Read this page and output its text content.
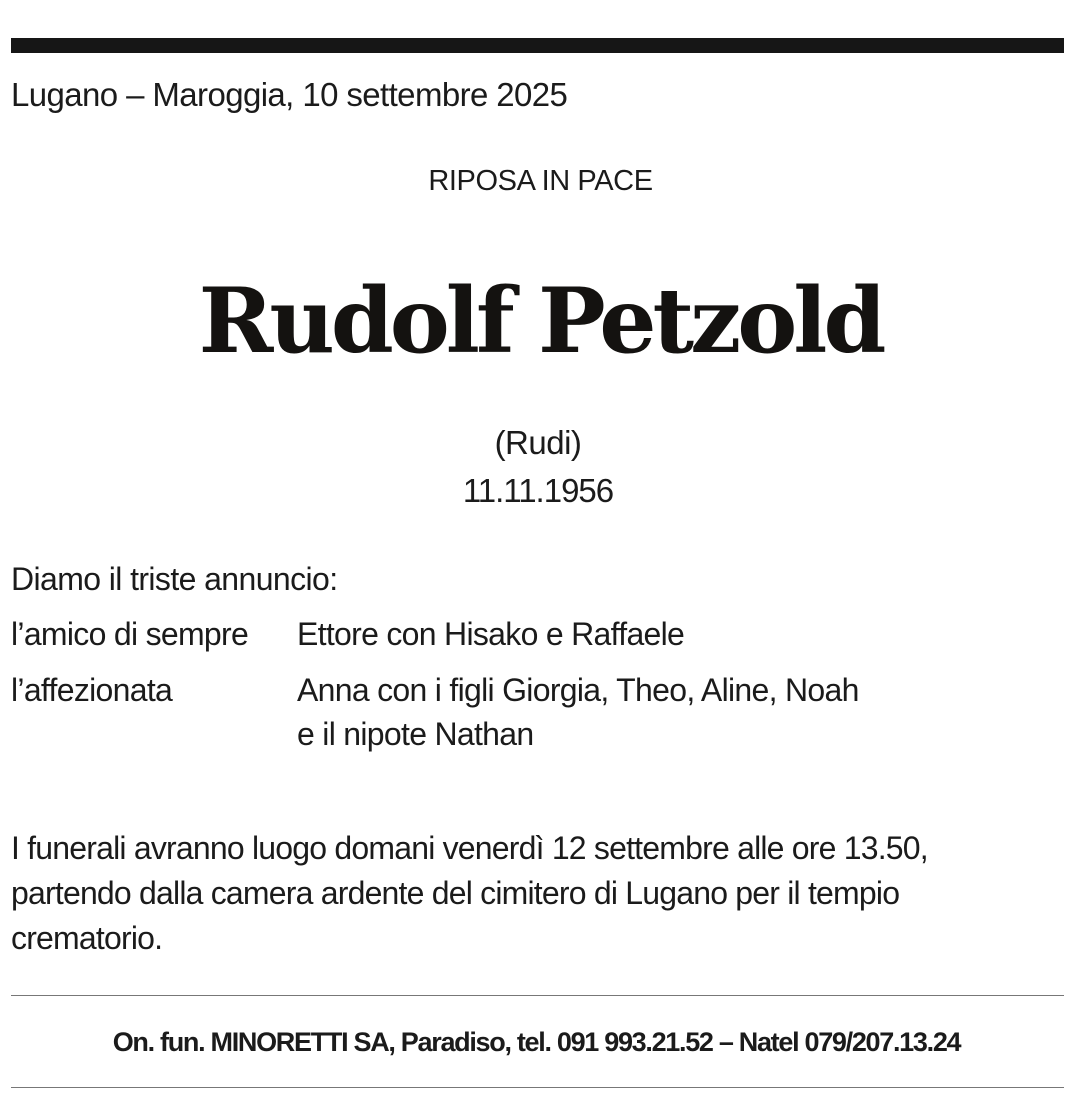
Lugano – Maroggia, 10 settembre 2025
RIPOSA IN PACE
Rudolf Petzold
(Rudi)
11.11.1956
Diamo il triste annuncio:
l’amico di sempre Ettore con Hisako e Raffaele
l’affezionata	Anna con i figli Giorgia, Theo, Aline, Noah
e il nipote Nathan
I funerali avranno luogo domani venerdì 12 settembre alle ore 13.50,
partendo dalla camera ardente del cimitero di Lugano per il tempio
crematorio.
On. fun. MINORETTI SA, Paradiso, tel. 091 993.21.52 – Natel 079/207.13.24
